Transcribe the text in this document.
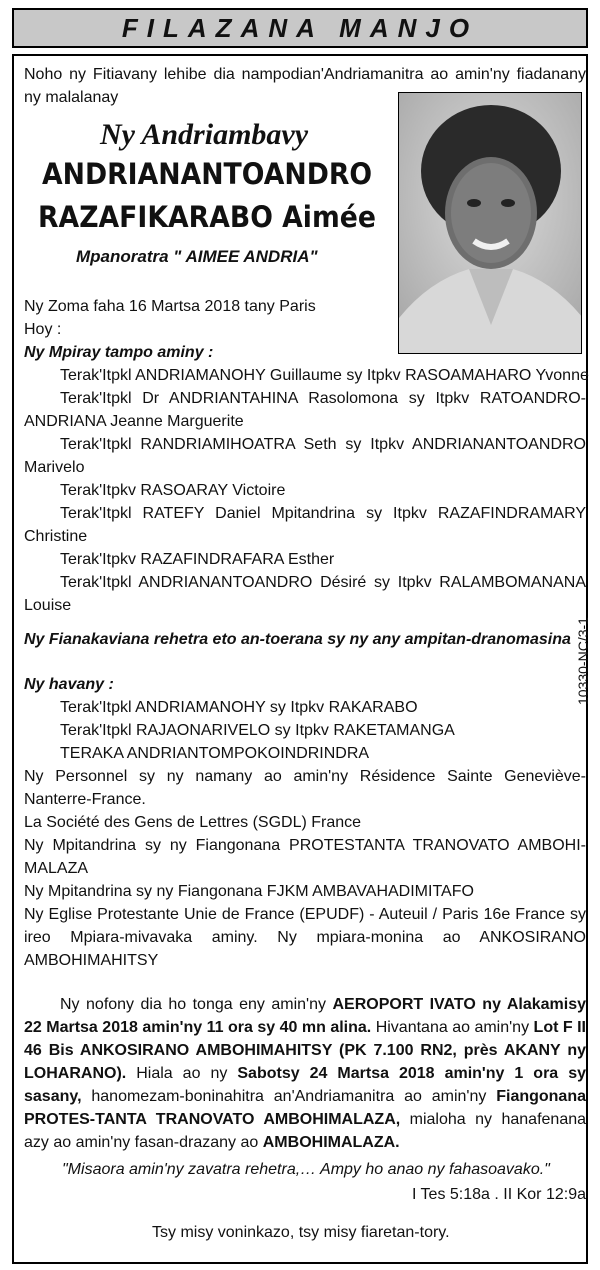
FILAZANA MANJO
Noho ny Fitiavany lehibe dia nampodian'Andriamanitra ao amin'ny fiadanany ny malalanay
Ny Andriambavy
ANDRIANANTOANDRO
RAZAFIKARABO Aimée
Mpanoratra " AIMEE ANDRIA"
Ny Zoma faha 16 Martsa 2018 tany Paris
Hoy :
Ny Mpiray tampo aminy :
Terak'Itpkl ANDRIAMANOHY Guillaume sy Itpkv RASOAMAHARO Yvonne
Terak'Itpkl Dr ANDRIANTAHINA Rasolomona sy Itpkv RATOANDRO-ANDRIANA Jeanne Marguerite
Terak'Itpkl RANDRIAMIHOATRA Seth sy Itpkv ANDRIANANTOANDRO Marivelo
Terak'Itpkv RASOARAY Victoire
Terak'Itpkl RATEFY Daniel Mpitandrina sy Itpkv RAZAFINDRAMARY Christine
Terak'Itpkv RAZAFINDRAFARA Esther
Terak'Itpkl ANDRIANANTOANDRO Désiré sy Itpkv RALAMBOMANANA Louise
Ny Fianakaviana rehetra eto an-toerana sy ny any ampitan-dranomasina
Ny havany :
Terak'Itpkl ANDRIAMANOHY sy Itpkv RAKARABO
Terak'Itpkl RAJAONARIVELO sy Itpkv RAKETAMANGA
TERAKA ANDRIANTOMPOKOINDRINDRA
10330-NC/3-1
Ny Personnel sy ny namany ao amin'ny Résidence Sainte Geneviève-Nanterre-France.
La Société des Gens de Lettres (SGDL) France
Ny Mpitandrina sy ny Fiangonana PROTESTANTA TRANOVATO AMBOHI-MALAZA
Ny Mpitandrina sy ny Fiangonana FJKM AMBAVAHADIMITAFO
Ny Eglise Protestante Unie de France (EPUDF) - Auteuil / Paris 16e France sy ireo Mpiara-mivavaka aminy. Ny mpiara-monina ao ANKOSIRANO AMBOHIMAHITSY
Ny nofony dia ho tonga eny amin'ny AEROPORT IVATO ny Alakamisy 22 Martsa 2018 amin'ny 11 ora sy 40 mn alina. Hivantana ao amin'ny Lot F II 46 Bis ANKOSIRANO AMBOHIMAHITSY (PK 7.100 RN2, près AKANY ny LOHARANO). Hiala ao ny Sabotsy 24 Martsa 2018 amin'ny 1 ora sy sasany, hanomezam-boninahitra an'Andriamanitra ao amin'ny Fiangonana PROTES-TANTA TRANOVATO AMBOHIMALAZA, mialoha ny hanafenana azy ao amin'ny fasan-drazany ao AMBOHIMALAZA.
"Misaora amin'ny zavatra rehetra,… Ampy ho anao ny fahasoavako."
I Tes 5:18a . II Kor 12:9a
Tsy misy voninkazo, tsy misy fiaretan-tory.
